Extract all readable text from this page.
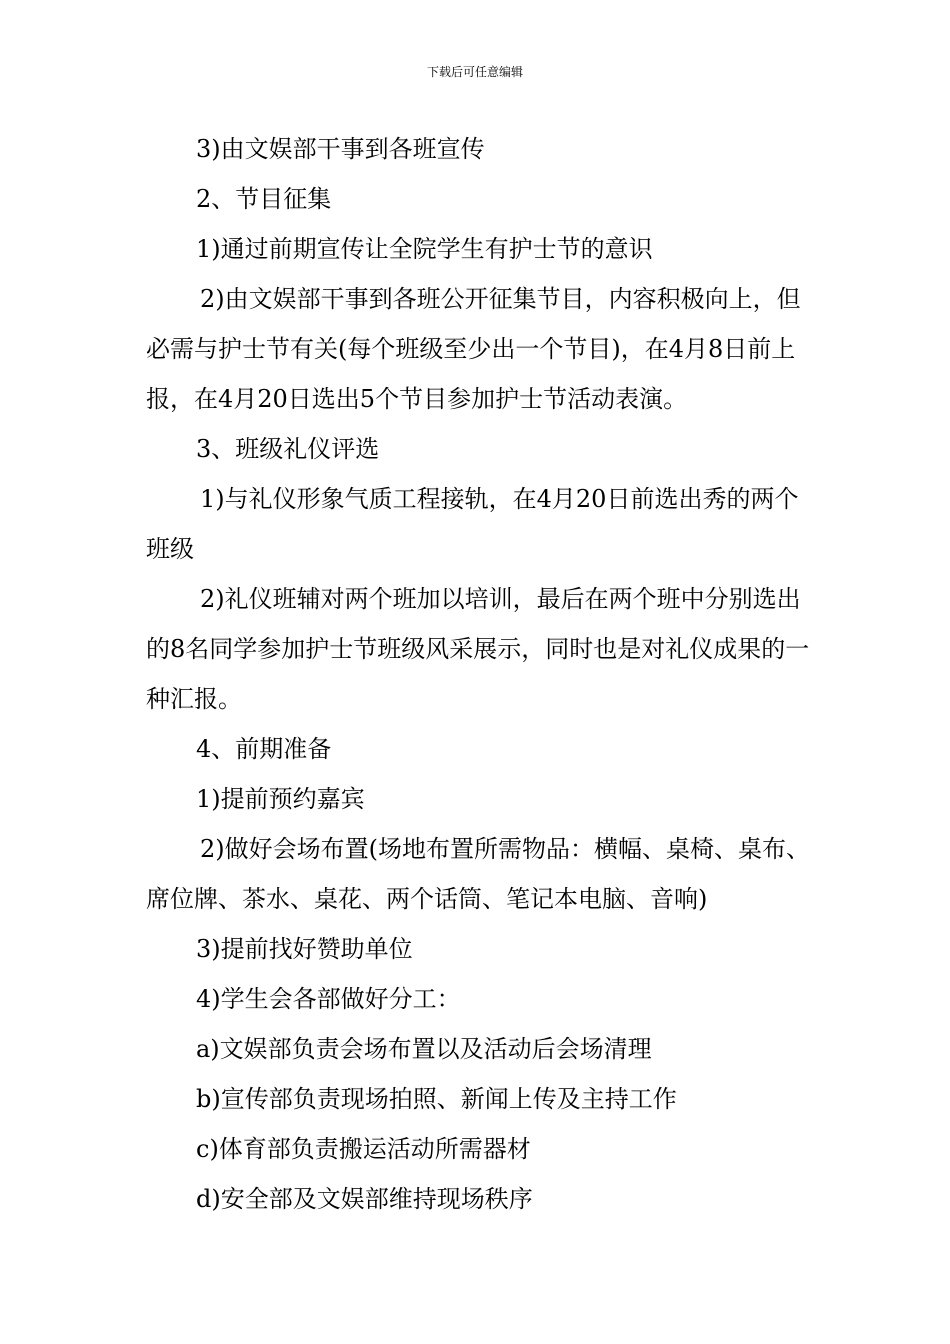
下载后可任意编辑

3)由文娱部干事到各班宣传

2、节目征集

1)通过前期宣传让全院学生有护士节的意识

2)由文娱部干事到各班公开征集节目，内容积极向上，但必需与护士节有关(每个班级至少出一个节目)，在4月8日前上报，在4月20日选出5个节目参加护士节活动表演。

3、班级礼仪评选

1)与礼仪形象气质工程接轨，在4月20日前选出秀的两个班级

2)礼仪班辅对两个班加以培训，最后在两个班中分别选出的8名同学参加护士节班级风采展示，同时也是对礼仪成果的一种汇报。

4、前期准备

1)提前预约嘉宾

2)做好会场布置(场地布置所需物品：横幅、桌椅、桌布、席位牌、茶水、桌花、两个话筒、笔记本电脑、音响)

3)提前找好赞助单位

4)学生会各部做好分工：

a)文娱部负责会场布置以及活动后会场清理

b)宣传部负责现场拍照、新闻上传及主持工作

c)体育部负责搬运活动所需器材

d)安全部及文娱部维持现场秩序
